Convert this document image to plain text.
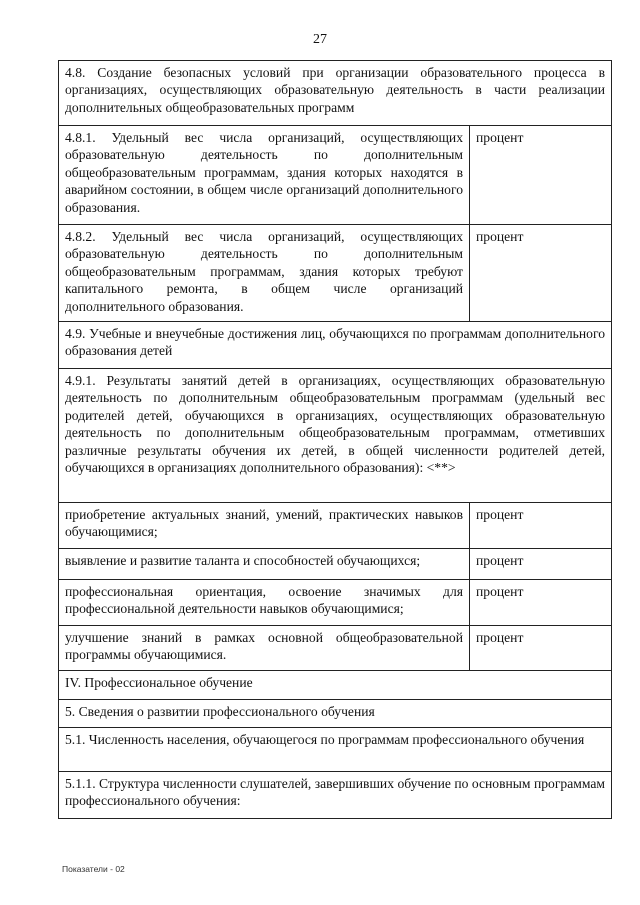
27
4.8. Создание безопасных условий при организации образовательного процесса в организациях, осуществляющих образовательную деятельность в части реализации дополнительных общеобразовательных программ
4.8.1. Удельный вес числа организаций, осуществляющих образовательную деятельность по дополнительным общеобразовательным программам, здания которых находятся в аварийном состоянии, в общем числе организаций дополнительного образования.
процент
4.8.2. Удельный вес числа организаций, осуществляющих образовательную деятельность по дополнительным общеобразовательным программам, здания которых требуют капитального ремонта, в общем числе организаций дополнительного образования.
процент
4.9. Учебные и внеучебные достижения лиц, обучающихся по программам дополнительного образования детей
4.9.1. Результаты занятий детей в организациях, осуществляющих образовательную деятельность по дополнительным общеобразовательным программам (удельный вес родителей детей, обучающихся в организациях, осуществляющих образовательную деятельность по дополнительным общеобразовательным программам, отметивших различные результаты обучения их детей, в общей численности родителей детей, обучающихся в организациях дополнительного образования): <**>
приобретение актуальных знаний, умений, практических навыков обучающимися;
процент
выявление и развитие таланта и способностей обучающихся;	процент
профессиональная ориентация, освоение значимых для профессиональной деятельности навыков обучающимися;
процент
улучшение знаний в рамках основной общеобразовательной программы обучающимися.
процент
IV. Профессиональное обучение
5. Сведения о развитии профессионального обучения
5.1. Численность населения, обучающегося по программам профессионального обучения
5.1.1. Структура численности слушателей, завершивших обучение по основным программам профессионального обучения:
Показатели - 02
